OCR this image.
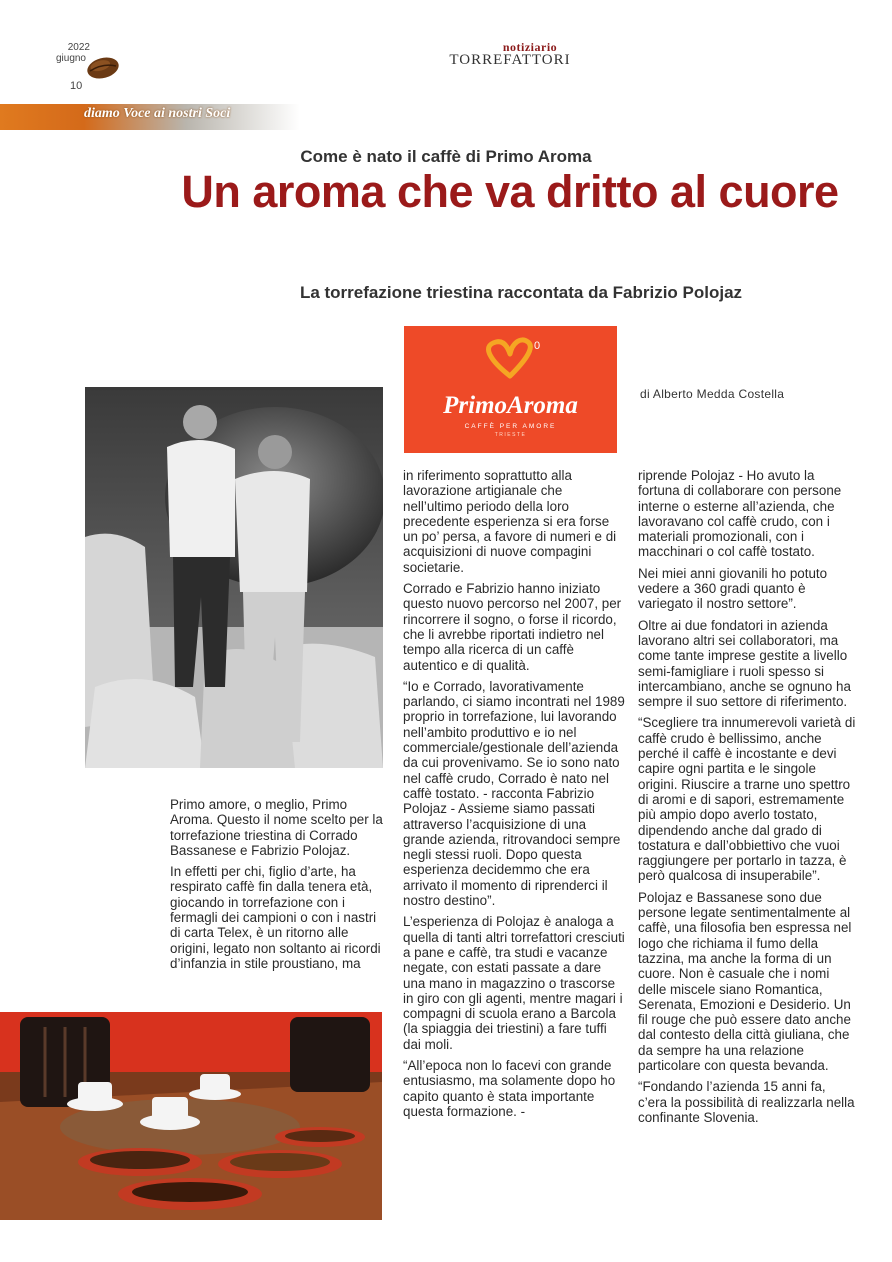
2022
giugno
10
notiziario
TORREFATTORI
diamo Voce ai nostri Soci
Come è nato il caffè di Primo Aroma
Un aroma che va dritto al cuore
La torrefazione triestina raccontata da Fabrizio Polojaz
0
PrimoAroma
CAFFÈ PER AMORE
TRIESTE
di Alberto Medda Costella

Primo amore, o meglio, Primo Aroma. Questo il nome scelto per la torrefazione triestina di Corrado Bassanese e Fabrizio Polojaz.

In effetti per chi, figlio d’arte, ha respirato caffè fin dalla tenera età, giocando in torrefazione con i fermagli dei campioni o con i nastri di carta Telex, è un ritorno alle origini, legato non soltanto ai ricordi d’infanzia in stile proustiano, ma

in riferimento soprattutto alla lavorazione artigianale che nell’ultimo periodo della loro precedente esperienza si era forse un po’ persa, a favore di numeri e di acquisizioni di nuove compagini societarie.

Corrado e Fabrizio hanno iniziato questo nuovo percorso nel 2007, per rincorrere il sogno, o forse il ricordo, che li avrebbe riportati indietro nel tempo alla ricerca di un caffè autentico e di qualità.

“Io e Corrado, lavorativamente parlando, ci siamo incontrati nel 1989 proprio in torrefazione, lui lavorando nell’ambito produttivo e io nel commerciale/gestionale dell’azienda da cui provenivamo. Se io sono nato nel caffè crudo, Corrado è nato nel caffè tostato. - racconta Fabrizio Polojaz - Assieme siamo passati attraverso l’acquisizione di una grande azienda, ritrovandoci sempre negli stessi ruoli. Dopo questa esperienza decidemmo che era arrivato il momento di riprenderci il nostro destino”.

L’esperienza di Polojaz è analoga a quella di tanti altri torrefattori cresciuti a pane e caffè, tra studi e vacanze negate, con estati passate a dare una mano in magazzino o trascorse in giro con gli agenti, mentre magari i compagni di scuola erano a Barcola (la spiaggia dei triestini) a fare tuffi dai moli.

“All’epoca non lo facevi con grande entusiasmo, ma solamente dopo ho capito quanto è stata importante questa formazione. -

riprende Polojaz - Ho avuto la fortuna di collaborare con persone interne o esterne all’azienda, che lavoravano col caffè crudo, con i materiali promozionali, con i macchinari o col caffè tostato.

Nei miei anni giovanili ho potuto vedere a 360 gradi quanto è variegato il nostro settore”.

Oltre ai due fondatori in azienda lavorano altri sei collaboratori, ma come tante imprese gestite a livello semi-famigliare i ruoli spesso si intercambiano, anche se ognuno ha sempre il suo settore di riferimento.

“Scegliere tra innumerevoli varietà di caffè crudo è bellissimo, anche perché il caffè è incostante e devi capire ogni partita e le singole origini. Riuscire a trarne uno spettro di aromi e di sapori, estremamente più ampio dopo averlo tostato, dipendendo anche dal grado di tostatura e dall’obbiettivo che vuoi raggiungere per portarlo in tazza, è però qualcosa di insuperabile”.

Polojaz e Bassanese sono due persone legate sentimentalmente al caffè, una filosofia ben espressa nel logo che richiama il fumo della tazzina, ma anche la forma di un cuore. Non è casuale che i nomi delle miscele siano Romantica, Serenata, Emozioni e Desiderio. Un fil rouge che può essere dato anche dal contesto della città giuliana, che da sempre ha una relazione particolare con questa bevanda.

“Fondando l’azienda 15 anni fa, c’era la possibilità di realizzarla nella confinante Slovenia.
